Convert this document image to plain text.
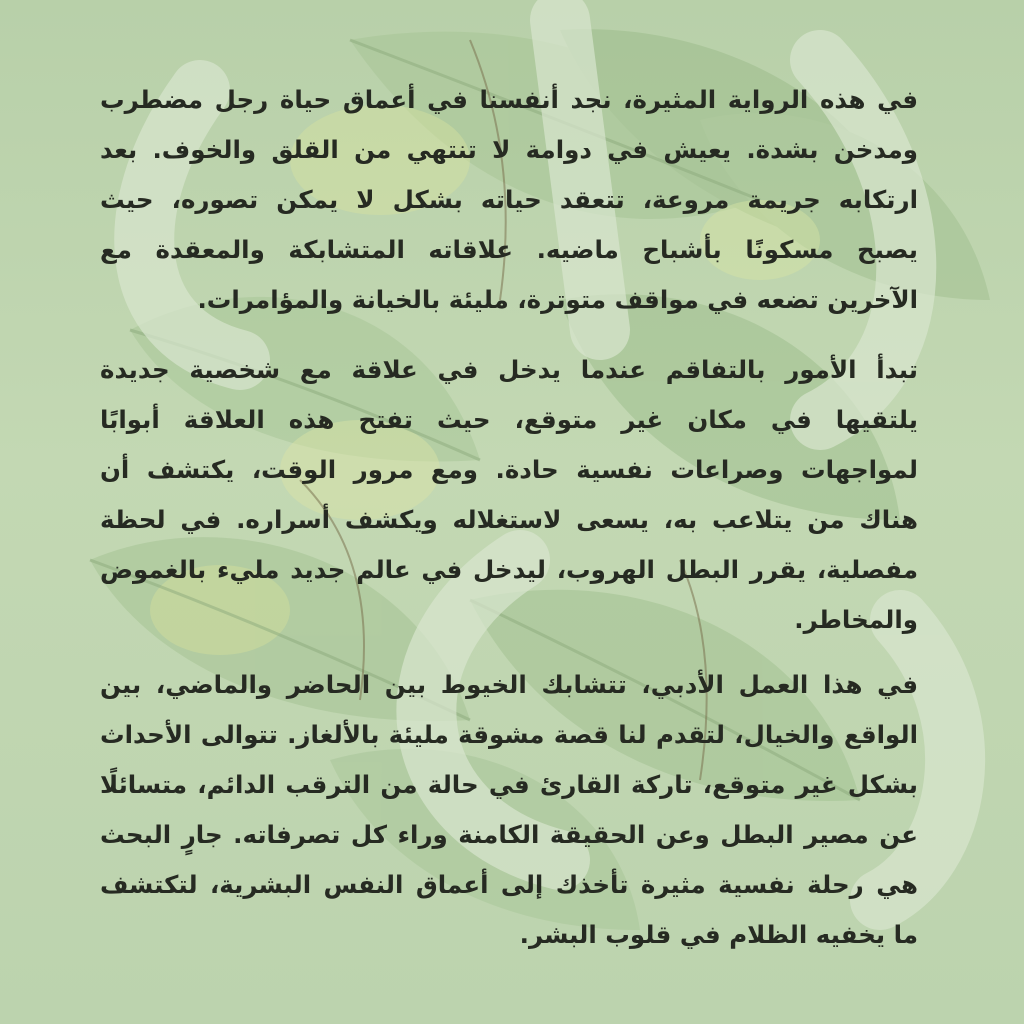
في هذه الرواية المثيرة، نجد أنفسنا في أعماق حياة رجل مضطرب
ومدخن بشدة. يعيش في دوامة لا تنتهي من القلق والخوف. بعد
ارتكابه جريمة مروعة، تتعقد حياته بشكل لا يمكن تصوره، حيث
يصبح مسكونًا بأشباح ماضيه. علاقاته المتشابكة والمعقدة مع
الآخرين تضعه في مواقف متوترة، مليئة بالخيانة والمؤامرات.
تبدأ الأمور بالتفاقم عندما يدخل في علاقة مع شخصية جديدة
يلتقيها في مكان غير متوقع، حيث تفتح هذه العلاقة أبوابًا
لمواجهات وصراعات نفسية حادة. ومع مرور الوقت، يكتشف أن
هناك من يتلاعب به، يسعى لاستغلاله ويكشف أسراره. في لحظة
مفصلية، يقرر البطل الهروب، ليدخل في عالم جديد مليء بالغموض
والمخاطر.
في هذا العمل الأدبي، تتشابك الخيوط بين الحاضر والماضي، بين
الواقع والخيال، لتقدم لنا قصة مشوقة مليئة بالألغاز. تتوالى الأحداث
بشكل غير متوقع، تاركة القارئ في حالة من الترقب الدائم، متسائلًا
عن مصير البطل وعن الحقيقة الكامنة وراء كل تصرفاته. جارٍ البحث
هي رحلة نفسية مثيرة تأخذك إلى أعماق النفس البشرية، لتكتشف
ما يخفيه الظلام في قلوب البشر.
